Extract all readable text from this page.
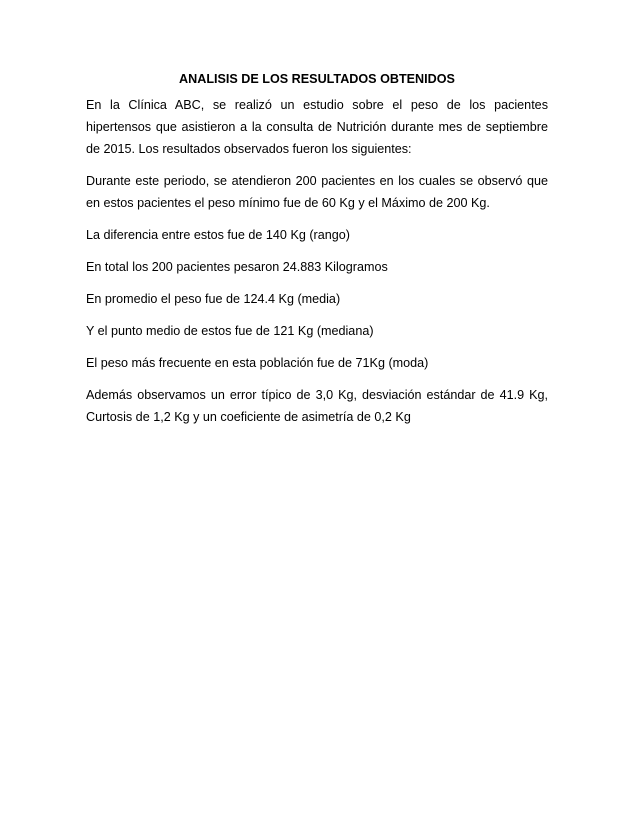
ANALISIS DE LOS RESULTADOS OBTENIDOS

En la Clínica ABC, se realizó un estudio sobre el peso de los pacientes hipertensos que asistieron a la consulta de Nutrición durante mes de septiembre de 2015. Los resultados observados fueron los siguientes:

Durante este periodo, se atendieron 200 pacientes en los cuales se observó que en estos pacientes el peso mínimo fue de 60 Kg y el Máximo de 200 Kg.

La diferencia entre estos fue de 140 Kg (rango)

En total los 200 pacientes pesaron 24.883 Kilogramos

En promedio el peso fue de 124.4 Kg (media)

Y el punto medio de estos fue de 121 Kg (mediana)

El peso más frecuente en esta población fue de 71Kg (moda)

Además observamos un error típico de 3,0 Kg, desviación estándar de 41.9 Kg, Curtosis de 1,2 Kg y un coeficiente de asimetría de 0,2 Kg
